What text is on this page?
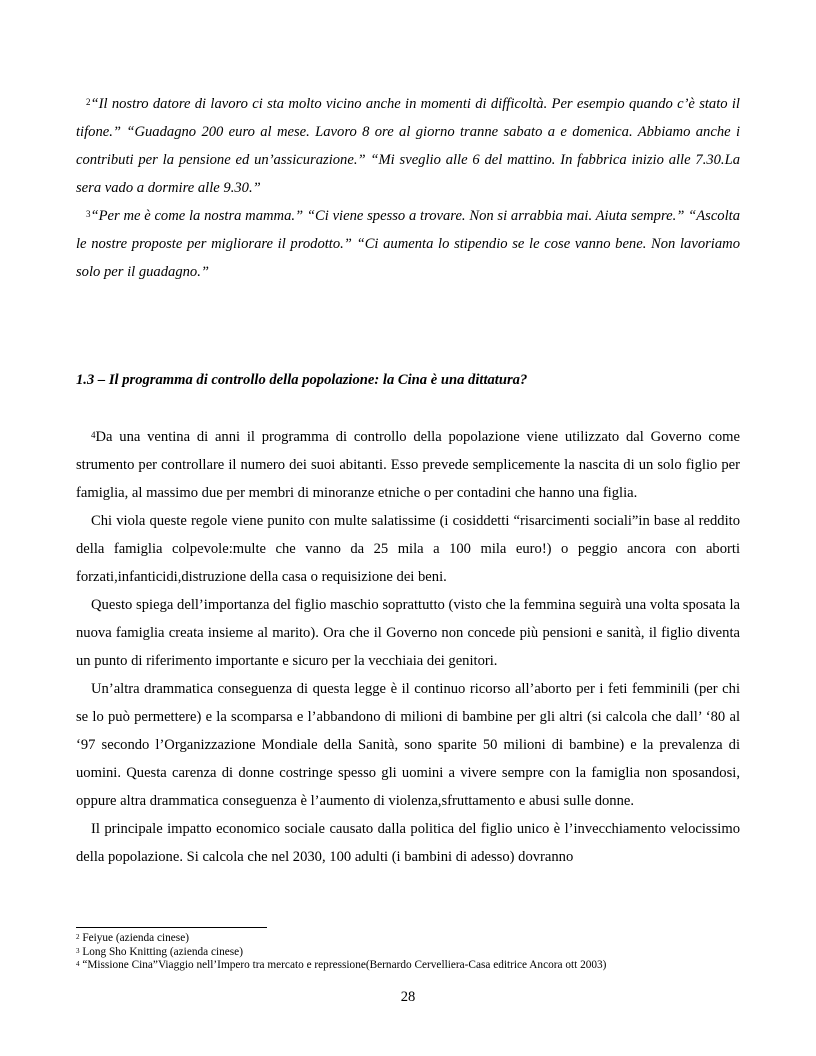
$^2$“Il nostro datore di lavoro ci sta molto vicino anche in momenti di difficoltà. Per esempio quando c’è stato il tifone.” “Guadagno 200 euro al mese. Lavoro 8 ore al giorno tranne sabato a e domenica. Abbiamo anche i contributi per la pensione ed un’assicurazione.” “Mi sveglio alle 6 del mattino. In fabbrica inizio alle 7.30.La sera vado a dormire alle 9.30.”

$^3$“Per me è come la nostra mamma.” “Ci viene spesso a trovare. Non si arrabbia mai. Aiuta sempre.” “Ascolta le nostre proposte per migliorare il prodotto.” “Ci aumenta lo stipendio se le cose vanno bene. Non lavoriamo solo per il guadagno.”

1.3 – Il programma di controllo della popolazione: la Cina è una dittatura?

$^4$Da una ventina di anni il programma di controllo della popolazione viene utilizzato dal Governo come strumento per controllare il numero dei suoi abitanti. Esso prevede semplicemente la nascita di un solo figlio per famiglia, al massimo due per membri di minoranze etniche o per contadini che hanno una figlia.

Chi viola queste regole viene punito con multe salatissime (i cosiddetti “risarcimenti sociali”in base al reddito della famiglia colpevole:multe che vanno da 25 mila a 100 mila euro!) o peggio ancora con aborti forzati,infanticidi,distruzione della casa o requisizione dei beni.

Questo spiega dell’importanza del figlio maschio soprattutto (visto che la femmina seguirà una volta sposata la nuova famiglia creata insieme al marito). Ora che il Governo non concede più pensioni e sanità, il figlio diventa un punto di riferimento importante e sicuro per la vecchiaia dei genitori.

Un’altra drammatica conseguenza di questa legge è il continuo ricorso all’aborto per i feti femminili (per chi se lo può permettere) e la scomparsa e l’abbandono di milioni di bambine per gli altri (si calcola che dall’ ‘80 al ‘97 secondo l’Organizzazione Mondiale della Sanità, sono sparite 50 milioni di bambine) e la prevalenza di uomini. Questa carenza di donne costringe spesso gli uomini a vivere sempre con la famiglia non sposandosi, oppure altra drammatica conseguenza è l’aumento di violenza,sfruttamento e abusi sulle donne.

Il principale impatto economico sociale causato dalla politica del figlio unico è l’invecchiamento velocissimo della popolazione. Si calcola che nel 2030, 100 adulti (i bambini di adesso) dovranno

$^2$ Feiyue (azienda cinese)

$^3$ Long Sho Knitting (azienda cinese)

$^4$ “Missione Cina”Viaggio nell’Impero tra mercato e repressione(Bernardo Cervelliera-Casa editrice Ancora ott 2003)

28
